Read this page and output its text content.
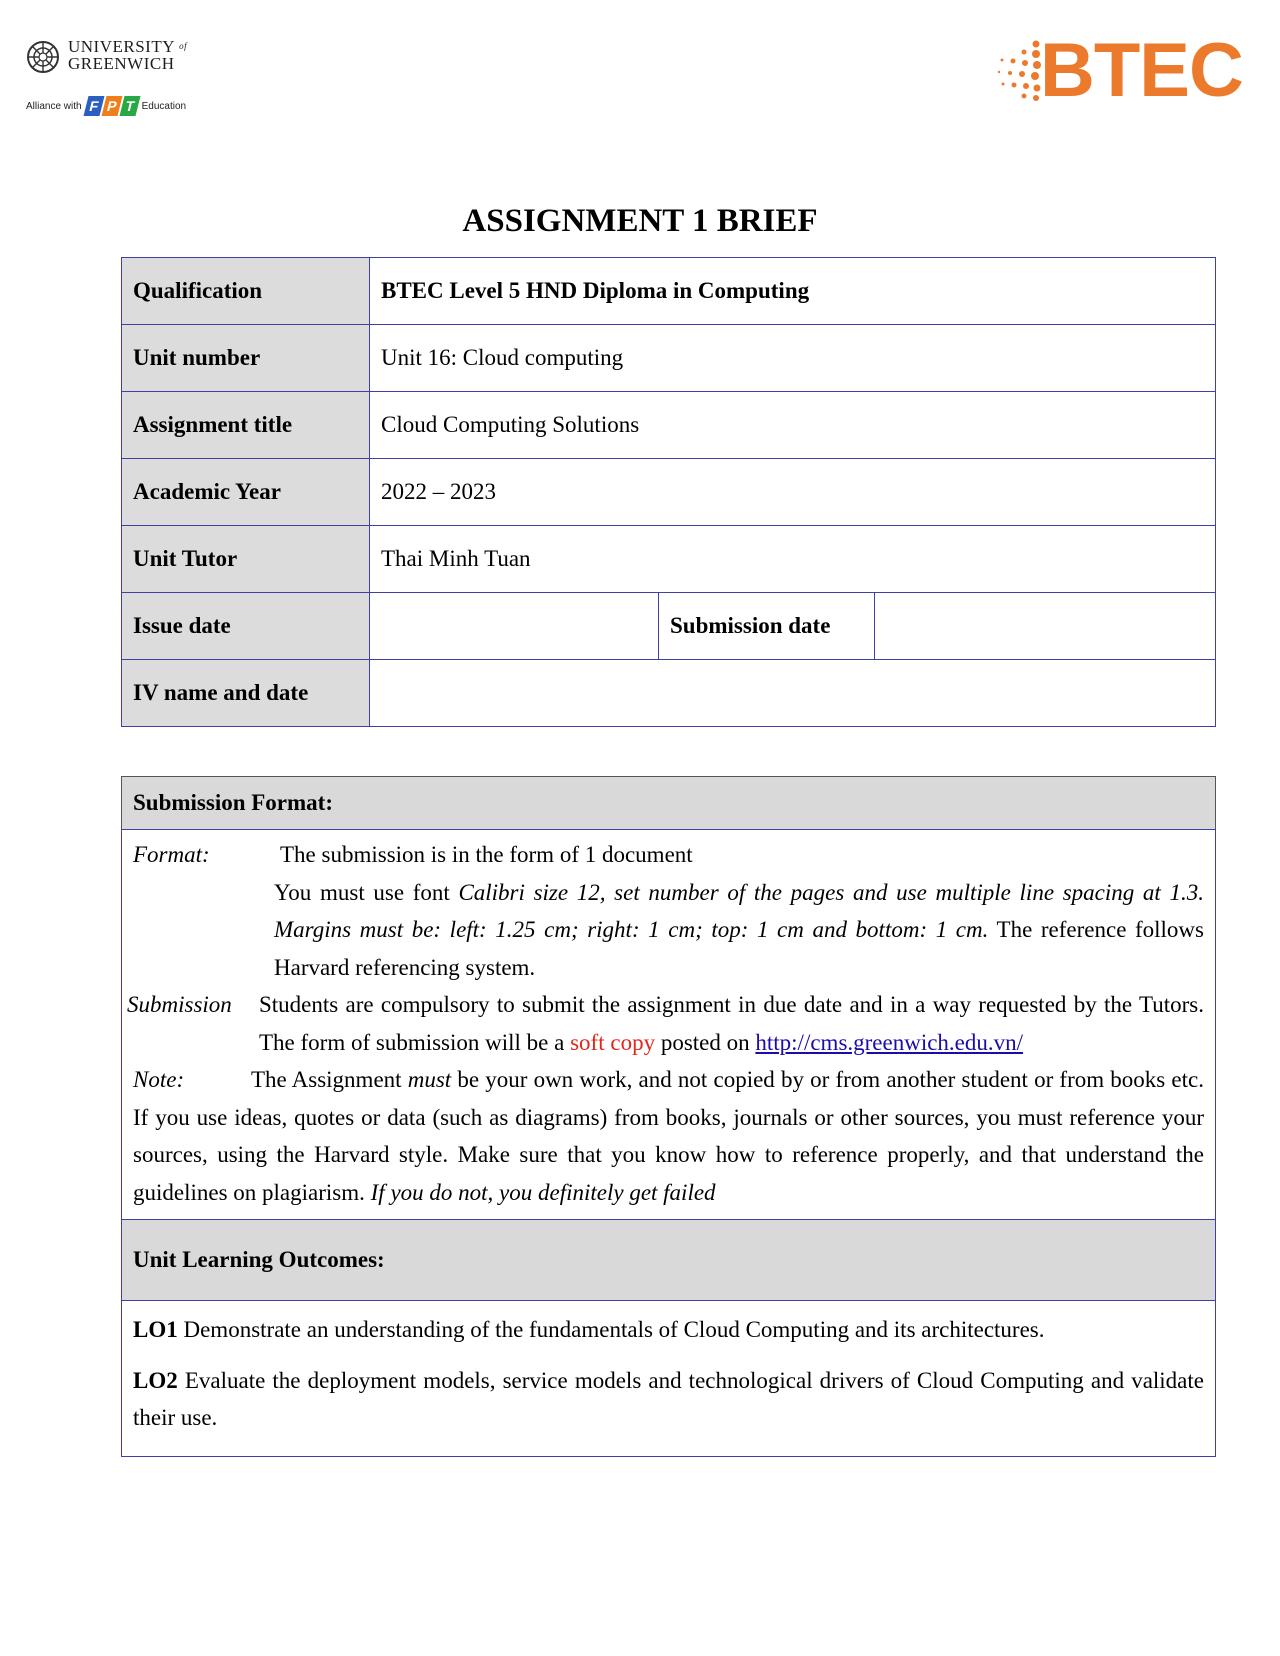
UNIVERSITY $^{of}$
GREENWICH
Alliance with F P T Education	BTEC
ASSIGNMENT 1 BRIEF
Qualification	BTEC Level 5 HND Diploma in Computing		
Unit number	Unit 16: Cloud computing		
Assignment title	Cloud Computing Solutions		
Academic Year	2022 – 2023		
Unit Tutor	Thai Minh Tuan		
Issue date		Submission date	
IV name and date			
Submission Format:

Format:	The submission is in the form of 1 document
You must use font Calibri size 12, set number of the pages and use multiple line spacing at 1.3. Margins must be: left: 1.25 cm; right: 1 cm; top: 1 cm and bottom: 1 cm. The reference follows Harvard referencing system.
Submission	Students are compulsory to submit the assignment in due date and in a way requested by the Tutors. The form of submission will be a soft copy posted on http://cms.greenwich.edu.vn/
Note:	The Assignment must be your own work, and not copied by or from another student or from books etc. If you use ideas, quotes or data (such as diagrams) from books, journals or other sources, you must reference your sources, using the Harvard style. Make sure that you know how to reference properly, and that understand the guidelines on plagiarism. If you do not, you definitely get failed

Unit Learning Outcomes:

LO1 Demonstrate an understanding of the fundamentals of Cloud Computing and its architectures.

LO2 Evaluate the deployment models, service models and technological drivers of Cloud Computing and validate their use.
